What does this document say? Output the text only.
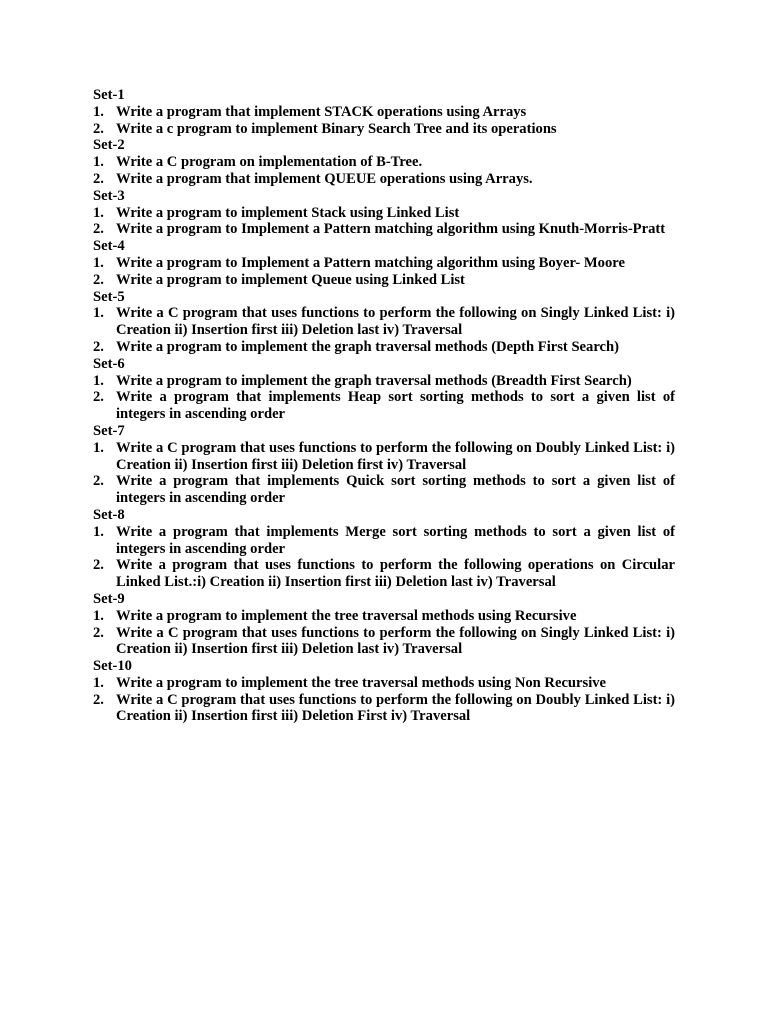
Set-1
1. Write a program that implement STACK operations using Arrays
2. Write a c program to implement Binary Search Tree and its operations
Set-2
1. Write a C program on implementation of B-Tree.
2. Write a program that implement QUEUE operations using Arrays.
Set-3
1. Write a program to implement Stack using Linked List
2. Write a program to Implement a Pattern matching algorithm using Knuth-Morris-Pratt
Set-4
1. Write a program to Implement a Pattern matching algorithm using Boyer- Moore
2. Write a program to implement Queue using Linked List
Set-5
1. Write a C program that uses functions to perform the following on Singly Linked List: i) Creation ii) Insertion first iii) Deletion last iv) Traversal
2. Write a program to implement the graph traversal methods (Depth First Search)
Set-6
1. Write a program to implement the graph traversal methods (Breadth First Search)
2. Write a program that implements Heap sort sorting methods to sort a given list of integers in ascending order
Set-7
1. Write a C program that uses functions to perform the following on Doubly Linked List: i) Creation ii) Insertion first iii) Deletion first iv) Traversal
2. Write a program that implements Quick sort sorting methods to sort a given list of integers in ascending order
Set-8
1. Write a program that implements Merge sort sorting methods to sort a given list of integers in ascending order
2. Write a program that uses functions to perform the following operations on Circular Linked List.:i) Creation ii) Insertion first iii) Deletion last iv) Traversal
Set-9
1. Write a program to implement the tree traversal methods using Recursive
2. Write a C program that uses functions to perform the following on Singly Linked List: i) Creation ii) Insertion first iii) Deletion last iv) Traversal
Set-10
1. Write a program to implement the tree traversal methods using Non Recursive
2. Write a C program that uses functions to perform the following on Doubly Linked List: i) Creation ii) Insertion first iii) Deletion First iv) Traversal
